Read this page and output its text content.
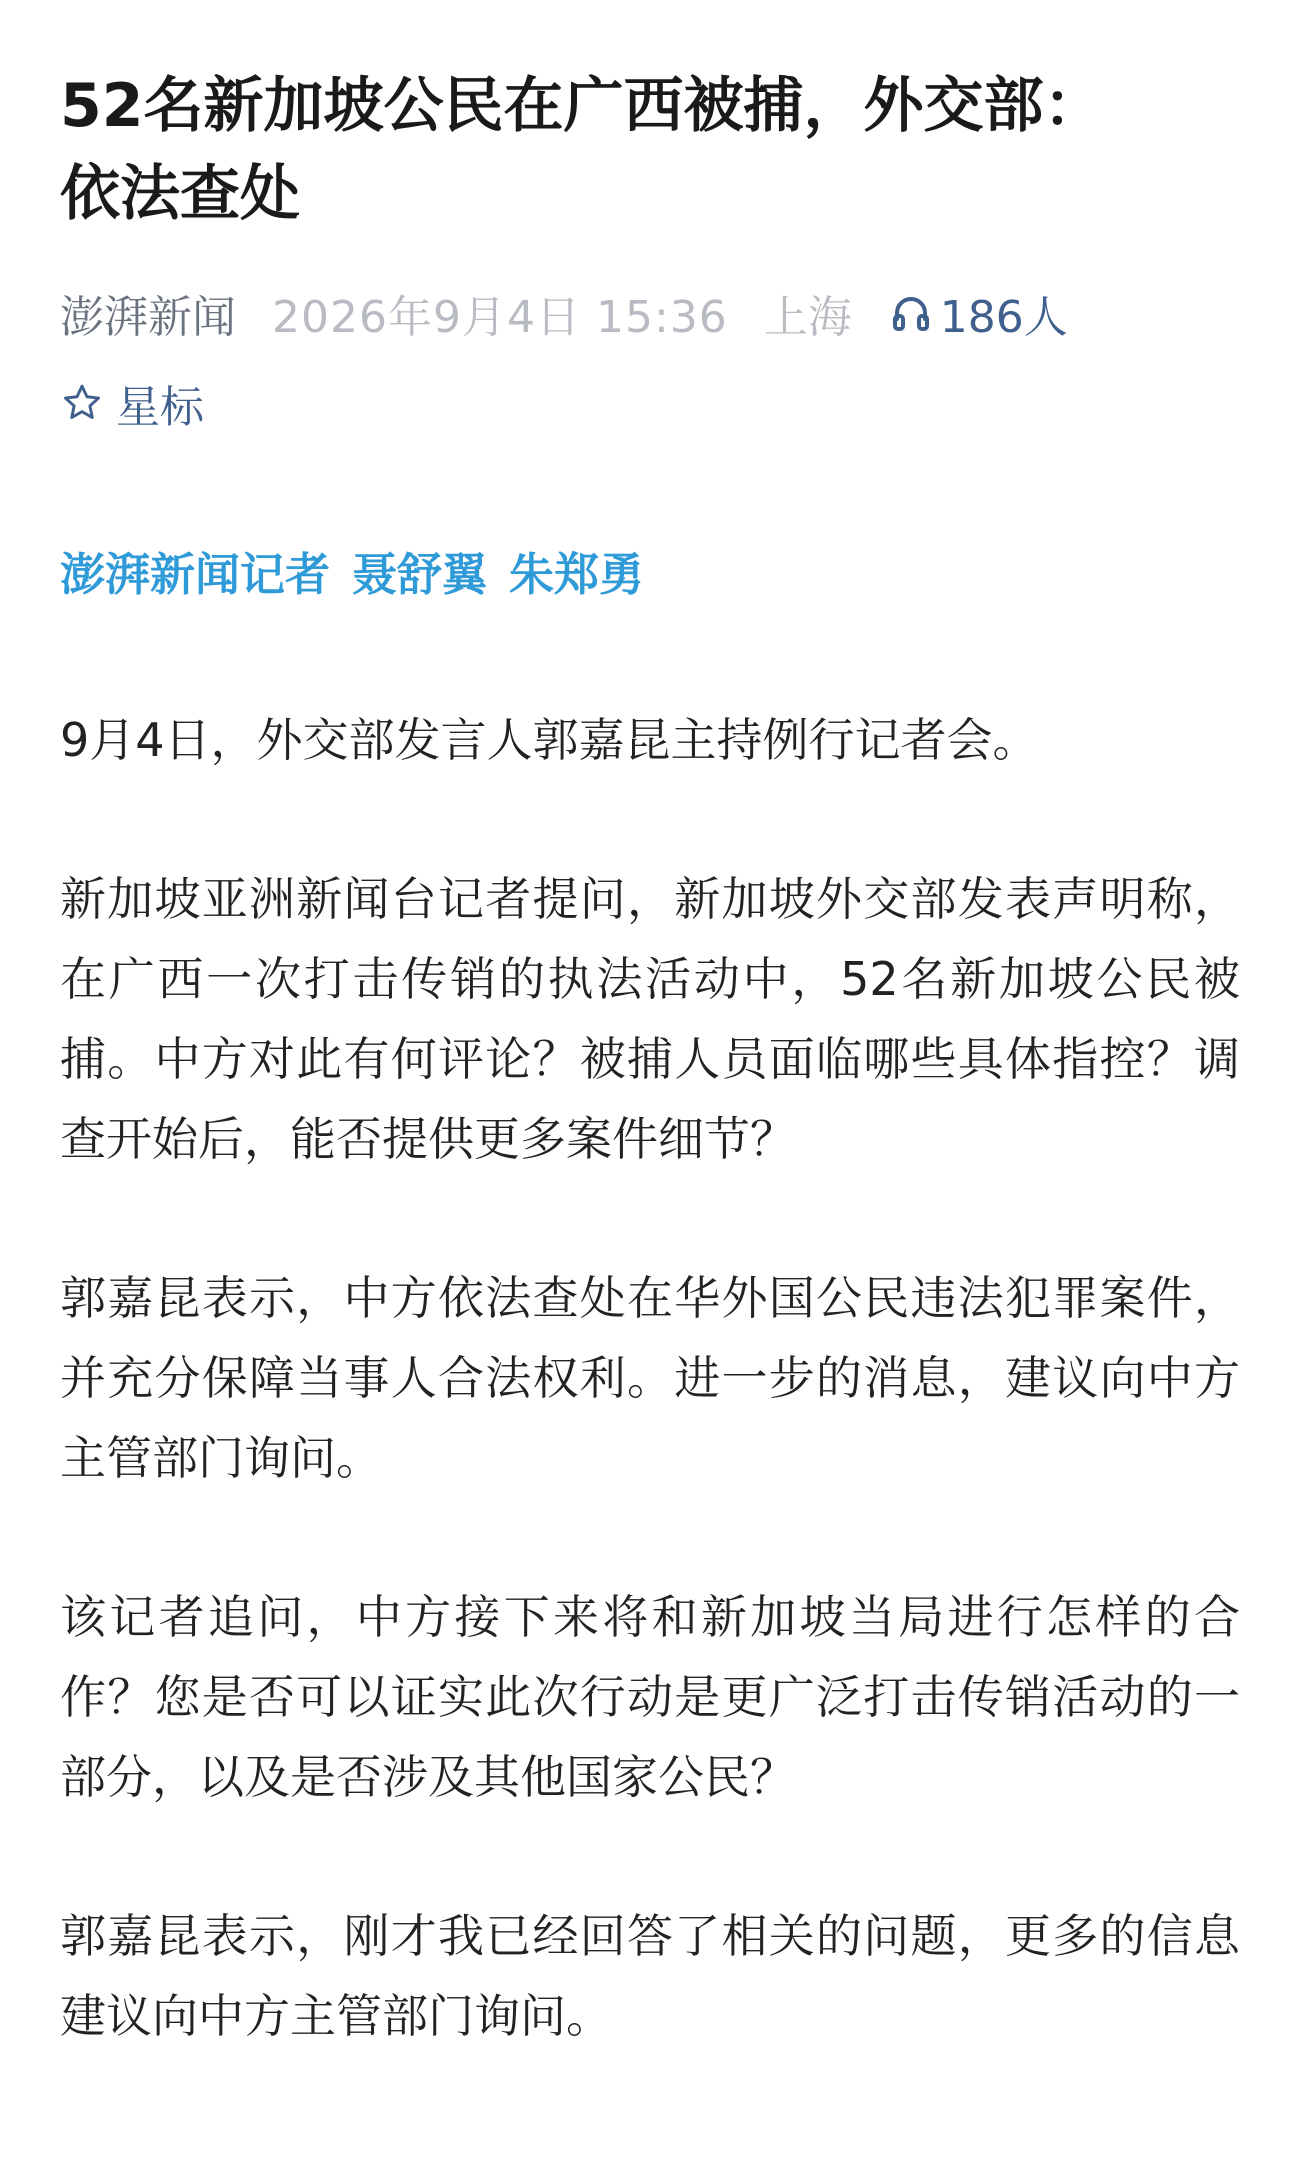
52名新加坡公民在广西被捕，外交部：依法查处
澎湃新闻 2026年9月4日 15:36 上海 186人
星标
澎湃新闻记者 聂舒翼 朱郑勇

9月4日，外交部发言人郭嘉昆主持例行记者会。

新加坡亚洲新闻台记者提问，新加坡外交部发表声明称，在广西一次打击传销的执法活动中，52名新加坡公民被捕。中方对此有何评论？被捕人员面临哪些具体指控？调查开始后，能否提供更多案件细节？

郭嘉昆表示，中方依法查处在华外国公民违法犯罪案件，并充分保障当事人合法权利。进一步的消息，建议向中方主管部门询问。

该记者追问，中方接下来将和新加坡当局进行怎样的合作？您是否可以证实此次行动是更广泛打击传销活动的一部分，以及是否涉及其他国家公民？

郭嘉昆表示，刚才我已经回答了相关的问题，更多的信息建议向中方主管部门询问。
